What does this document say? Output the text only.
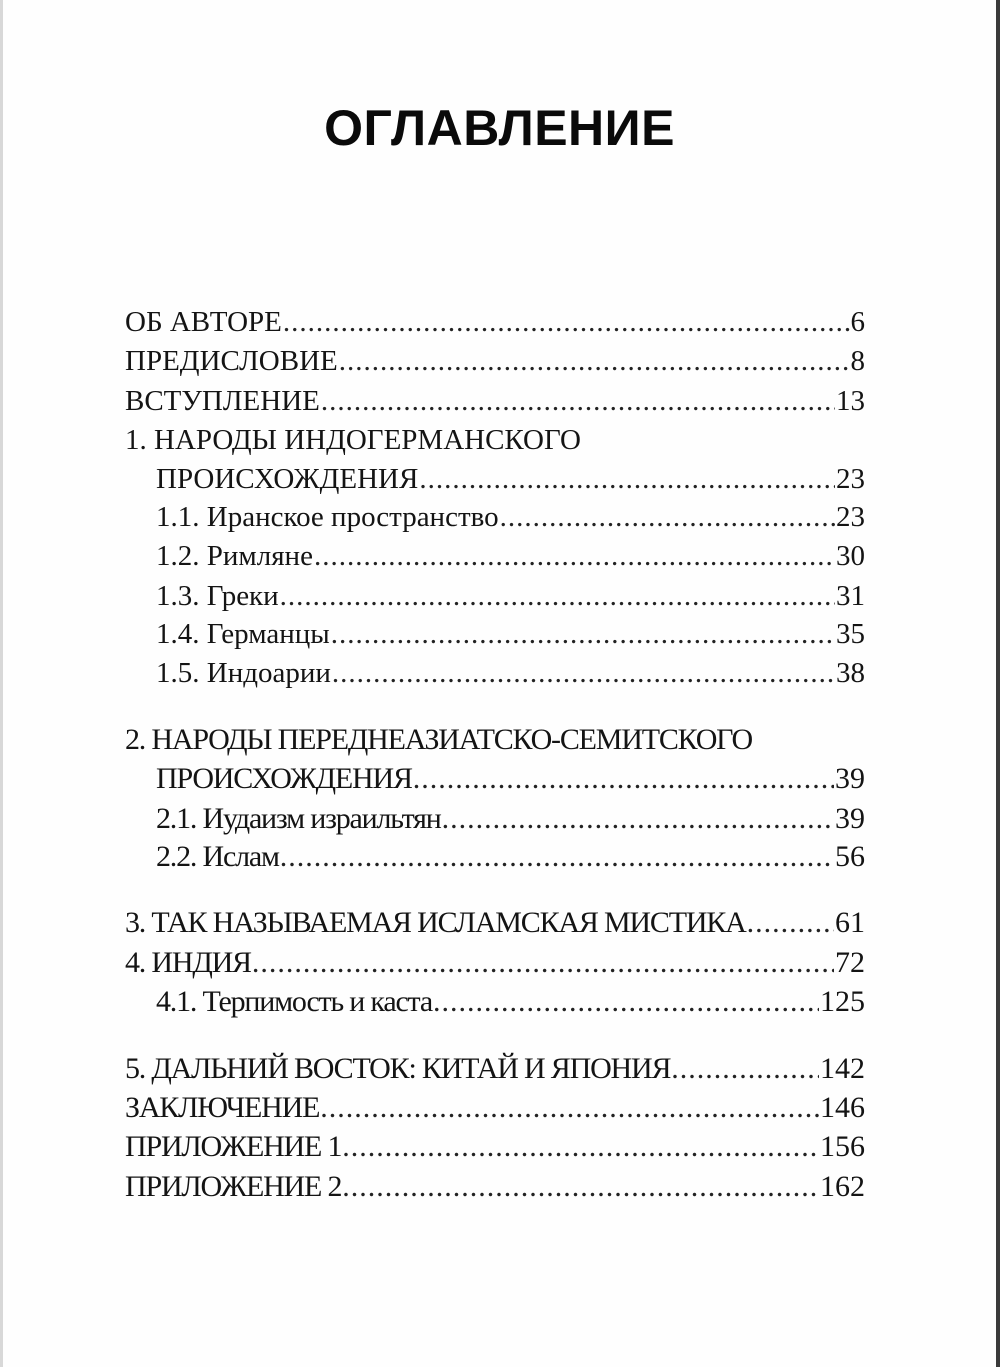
ОГЛАВЛЕНИЕ
ОБ АВТОРЕ .....	6
ПРЕДИСЛОВИЕ .....	8
ВСТУПЛЕНИЕ .....	13
1. НАРОДЫ ИНДОГЕРМАНСКОГО
ПРОИСХОЖДЕНИЯ .....	23
1.1. Иранское пространство .....	23
1.2. Римляне .....	30
1.3. Греки .....	31
1.4. Германцы .....	35
1.5. Индоарии .....	38
2. НАРОДЫ ПЕРЕДНЕАЗИАТСКО-СЕМИТСКОГО
ПРОИСХОЖДЕНИЯ .....	39
2.1. Иудаизм израильтян .....	39
2.2. Ислам .....	56
3. ТАК НАЗЫВАЕМАЯ ИСЛАМСКАЯ МИСТИКА .....	61
4. ИНДИЯ .....	72
4.1. Терпимость и каста .....	125
5. ДАЛЬНИЙ ВОСТОК: КИТАЙ И ЯПОНИЯ .....	142
ЗАКЛЮЧЕНИЕ .....	146
ПРИЛОЖЕНИЕ 1 .....	156
ПРИЛОЖЕНИЕ 2 .....	162
